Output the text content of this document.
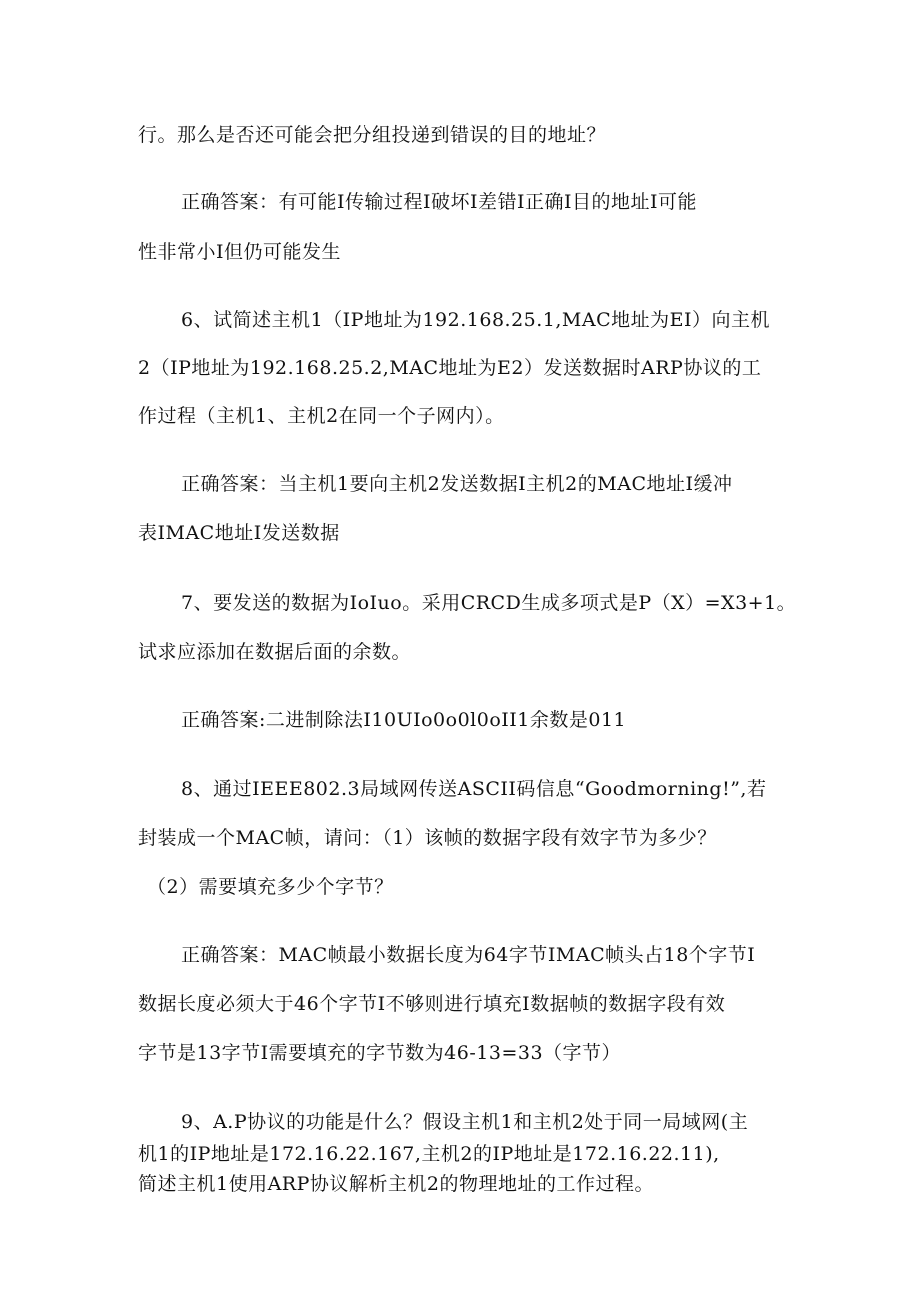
行。那么是否还可能会把分组投递到错误的目的地址？
正确答案：有可能I传输过程I破坏I差错I正确I目的地址I可能
性非常小I但仍可能发生
6、试简述主机1（IP地址为192.168.25.1,MAC地址为EI）向主机
2（IP地址为192.168.25.2,MAC地址为E2）发送数据时ARP协议的工
作过程（主机1、主机2在同一个子网内）。
正确答案：当主机1要向主机2发送数据I主机2的MAC地址I缓冲
表IMAC地址I发送数据
7、要发送的数据为IoIuo。采用CRCD生成多项式是P（X）=X3+1。
试求应添加在数据后面的余数。
正确答案:二进制除法I10UIo0o0l0oII1余数是011
8、通过IEEE802.3局域网传送ASCII码信息“Goodmorning!”,若
封装成一个MAC帧，请问：（1）该帧的数据字段有效字节为多少？
（2）需要填充多少个字节？
正确答案：MAC帧最小数据长度为64字节IMAC帧头占18个字节I
数据长度必须大于46个字节I不够则进行填充I数据帧的数据字段有效
字节是13字节I需要填充的字节数为46-13=33（字节）
9、A.P协议的功能是什么？假设主机1和主机2处于同一局域网(主
机1的IP地址是172.16.22.167,主机2的IP地址是172.16.22.11),
简述主机1使用ARP协议解析主机2的物理地址的工作过程。
